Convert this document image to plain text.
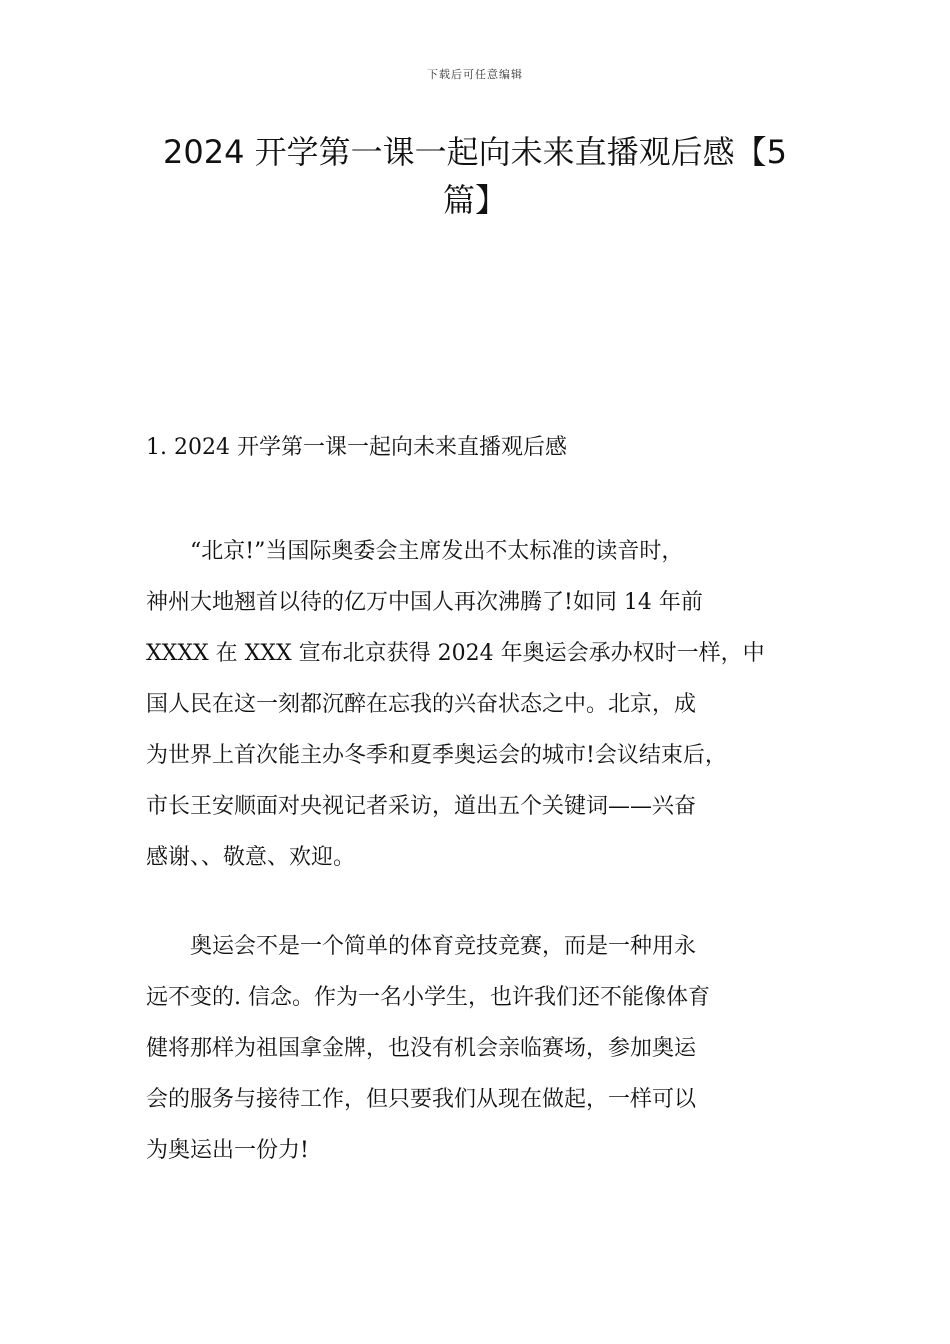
下载后可任意编辑
2024 开学第一课一起向未来直播观后感【5
篇】
1. 2024 开学第一课一起向未来直播观后感

　　“北京!”当国际奥委会主席发出不太标准的读音时，
神州大地翘首以待的亿万中国人再次沸腾了!如同 14 年前
XXXX 在 XXX 宣布北京获得 2024 年奥运会承办权时一样，中
国人民在这一刻都沉醉在忘我的兴奋状态之中。北京，成
为世界上首次能主办冬季和夏季奥运会的城市!会议结束后，
市长王安顺面对央视记者采访，道出五个关键词——兴奋
感谢、、敬意、欢迎。

　　奥运会不是一个简单的体育竞技竞赛，而是一种用永
远不变的. 信念。作为一名小学生，也许我们还不能像体育
健将那样为祖国拿金牌，也没有机会亲临赛场，参加奥运
会的服务与接待工作，但只要我们从现在做起，一样可以
为奥运出一份力!
